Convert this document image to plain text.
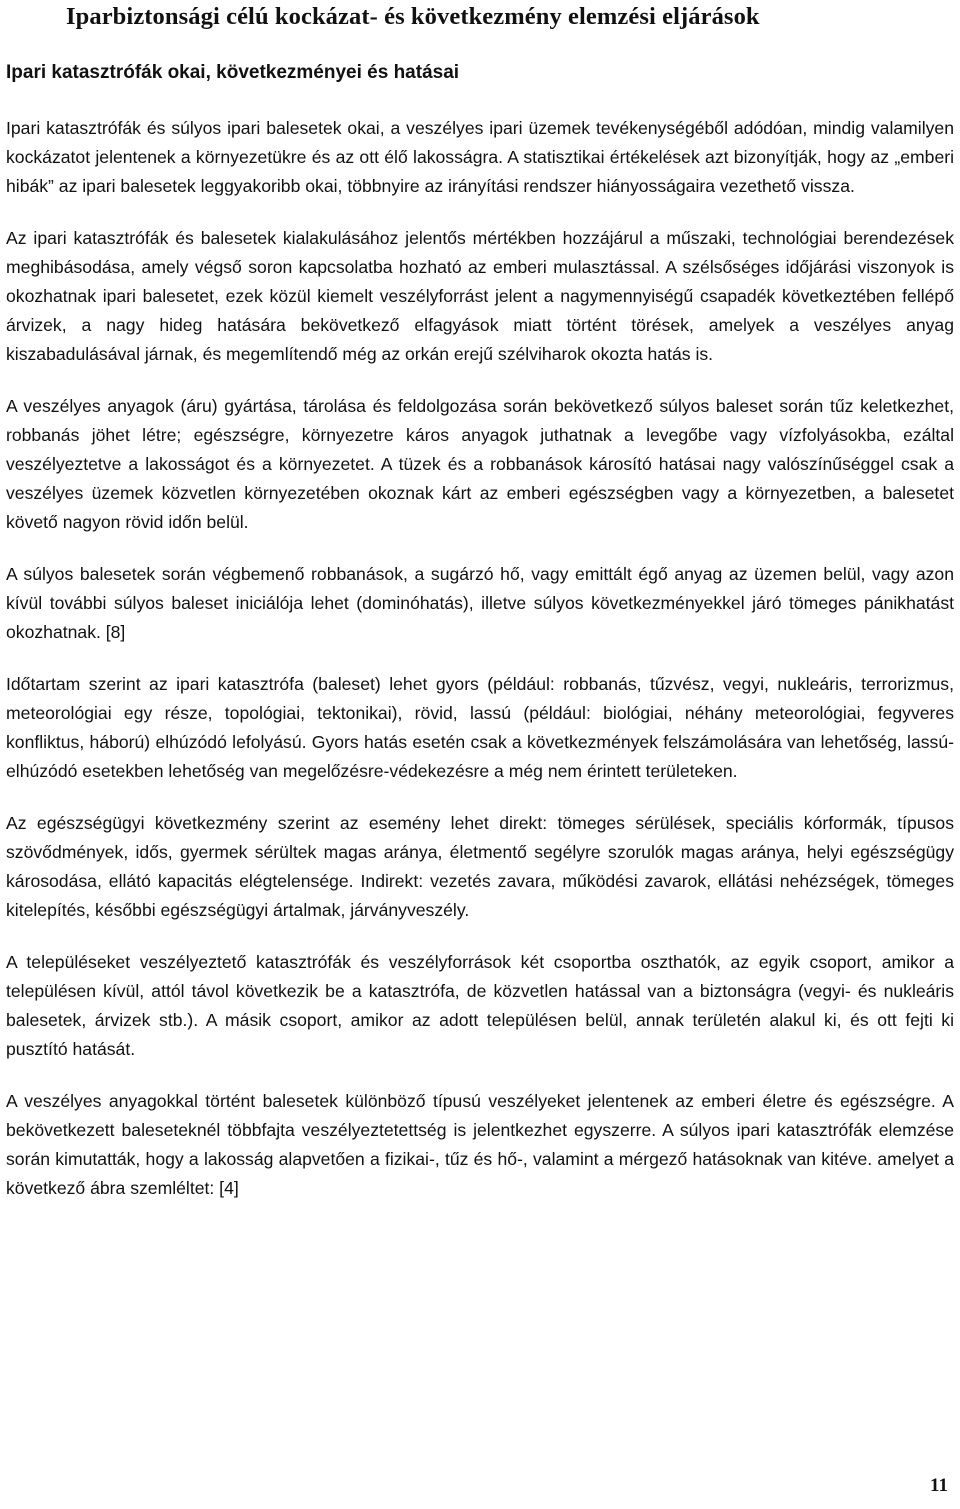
Iparbiztonsági célú kockázat- és következmény elemzési eljárások
Ipari katasztrófák okai, következményei és hatásai

Ipari katasztrófák és súlyos ipari balesetek okai, a veszélyes ipari üzemek tevékenységéből adódóan, mindig valamilyen kockázatot jelentenek a környezetükre és az ott élő lakosságra. A statisztikai értékelések azt bizonyítják, hogy az „emberi hibák” az ipari balesetek leggyakoribb okai, többnyire az irányítási rendszer hiányosságaira vezethető vissza.

Az ipari katasztrófák és balesetek kialakulásához jelentős mértékben hozzájárul a műszaki, technológiai berendezések meghibásodása, amely végső soron kapcsolatba hozható az emberi mulasztással. A szélsőséges időjárási viszonyok is okozhatnak ipari balesetet, ezek közül kiemelt veszélyforrást jelent a nagymennyiségű csapadék következtében fellépő árvizek, a nagy hideg hatására bekövetkező elfagyások miatt történt törések, amelyek a veszélyes anyag kiszabadulásával járnak, és megemlítendő még az orkán erejű szélviharok okozta hatás is.

A veszélyes anyagok (áru) gyártása, tárolása és feldolgozása során bekövetkező súlyos baleset során tűz keletkezhet, robbanás jöhet létre; egészségre, környezetre káros anyagok juthatnak a levegőbe vagy vízfolyásokba, ezáltal veszélyeztetve a lakosságot és a környezetet. A tüzek és a robbanások károsító hatásai nagy valószínűséggel csak a veszélyes üzemek közvetlen környezetében okoznak kárt az emberi egészségben vagy a környezetben, a balesetet követő nagyon rövid időn belül.

A súlyos balesetek során végbemenő robbanások, a sugárzó hő, vagy emittált égő anyag az üzemen belül, vagy azon kívül további súlyos baleset iniciálója lehet (dominóhatás), illetve súlyos következményekkel járó tömeges pánikhatást okozhatnak. [8]

Időtartam szerint az ipari katasztrófa (baleset) lehet gyors (például: robbanás, tűzvész, vegyi, nukleáris, terrorizmus, meteorológiai egy része, topológiai, tektonikai), rövid, lassú (például: biológiai, néhány meteorológiai, fegyveres konfliktus, háború) elhúzódó lefolyású. Gyors hatás esetén csak a következmények felszámolására van lehetőség, lassú-elhúzódó esetekben lehetőség van megelőzésre-védekezésre a még nem érintett területeken.

Az egészségügyi következmény szerint az esemény lehet direkt: tömeges sérülések, speciális kórformák, típusos szövődmények, idős, gyermek sérültek magas aránya, életmentő segélyre szorulók magas aránya, helyi egészségügy károsodása, ellátó kapacitás elégtelensége. Indirekt: vezetés zavara, működési zavarok, ellátási nehézségek, tömeges kitelepítés, későbbi egészségügyi ártalmak, járványveszély.

A településeket veszélyeztető katasztrófák és veszélyforrások két csoportba oszthatók, az egyik csoport, amikor a településen kívül, attól távol következik be a katasztrófa, de közvetlen hatással van a biztonságra (vegyi- és nukleáris balesetek, árvizek stb.). A másik csoport, amikor az adott településen belül, annak területén alakul ki, és ott fejti ki pusztító hatását.

A veszélyes anyagokkal történt balesetek különböző típusú veszélyeket jelentenek az emberi életre és egészségre. A bekövetkezett baleseteknél többfajta veszélyeztetettség is jelentkezhet egyszerre. A súlyos ipari katasztrófák elemzése során kimutatták, hogy a lakosság alapvetően a fizikai-, tűz és hő-, valamint a mérgező hatásoknak van kitéve. amelyet a következő ábra szemléltet: [4]

11
